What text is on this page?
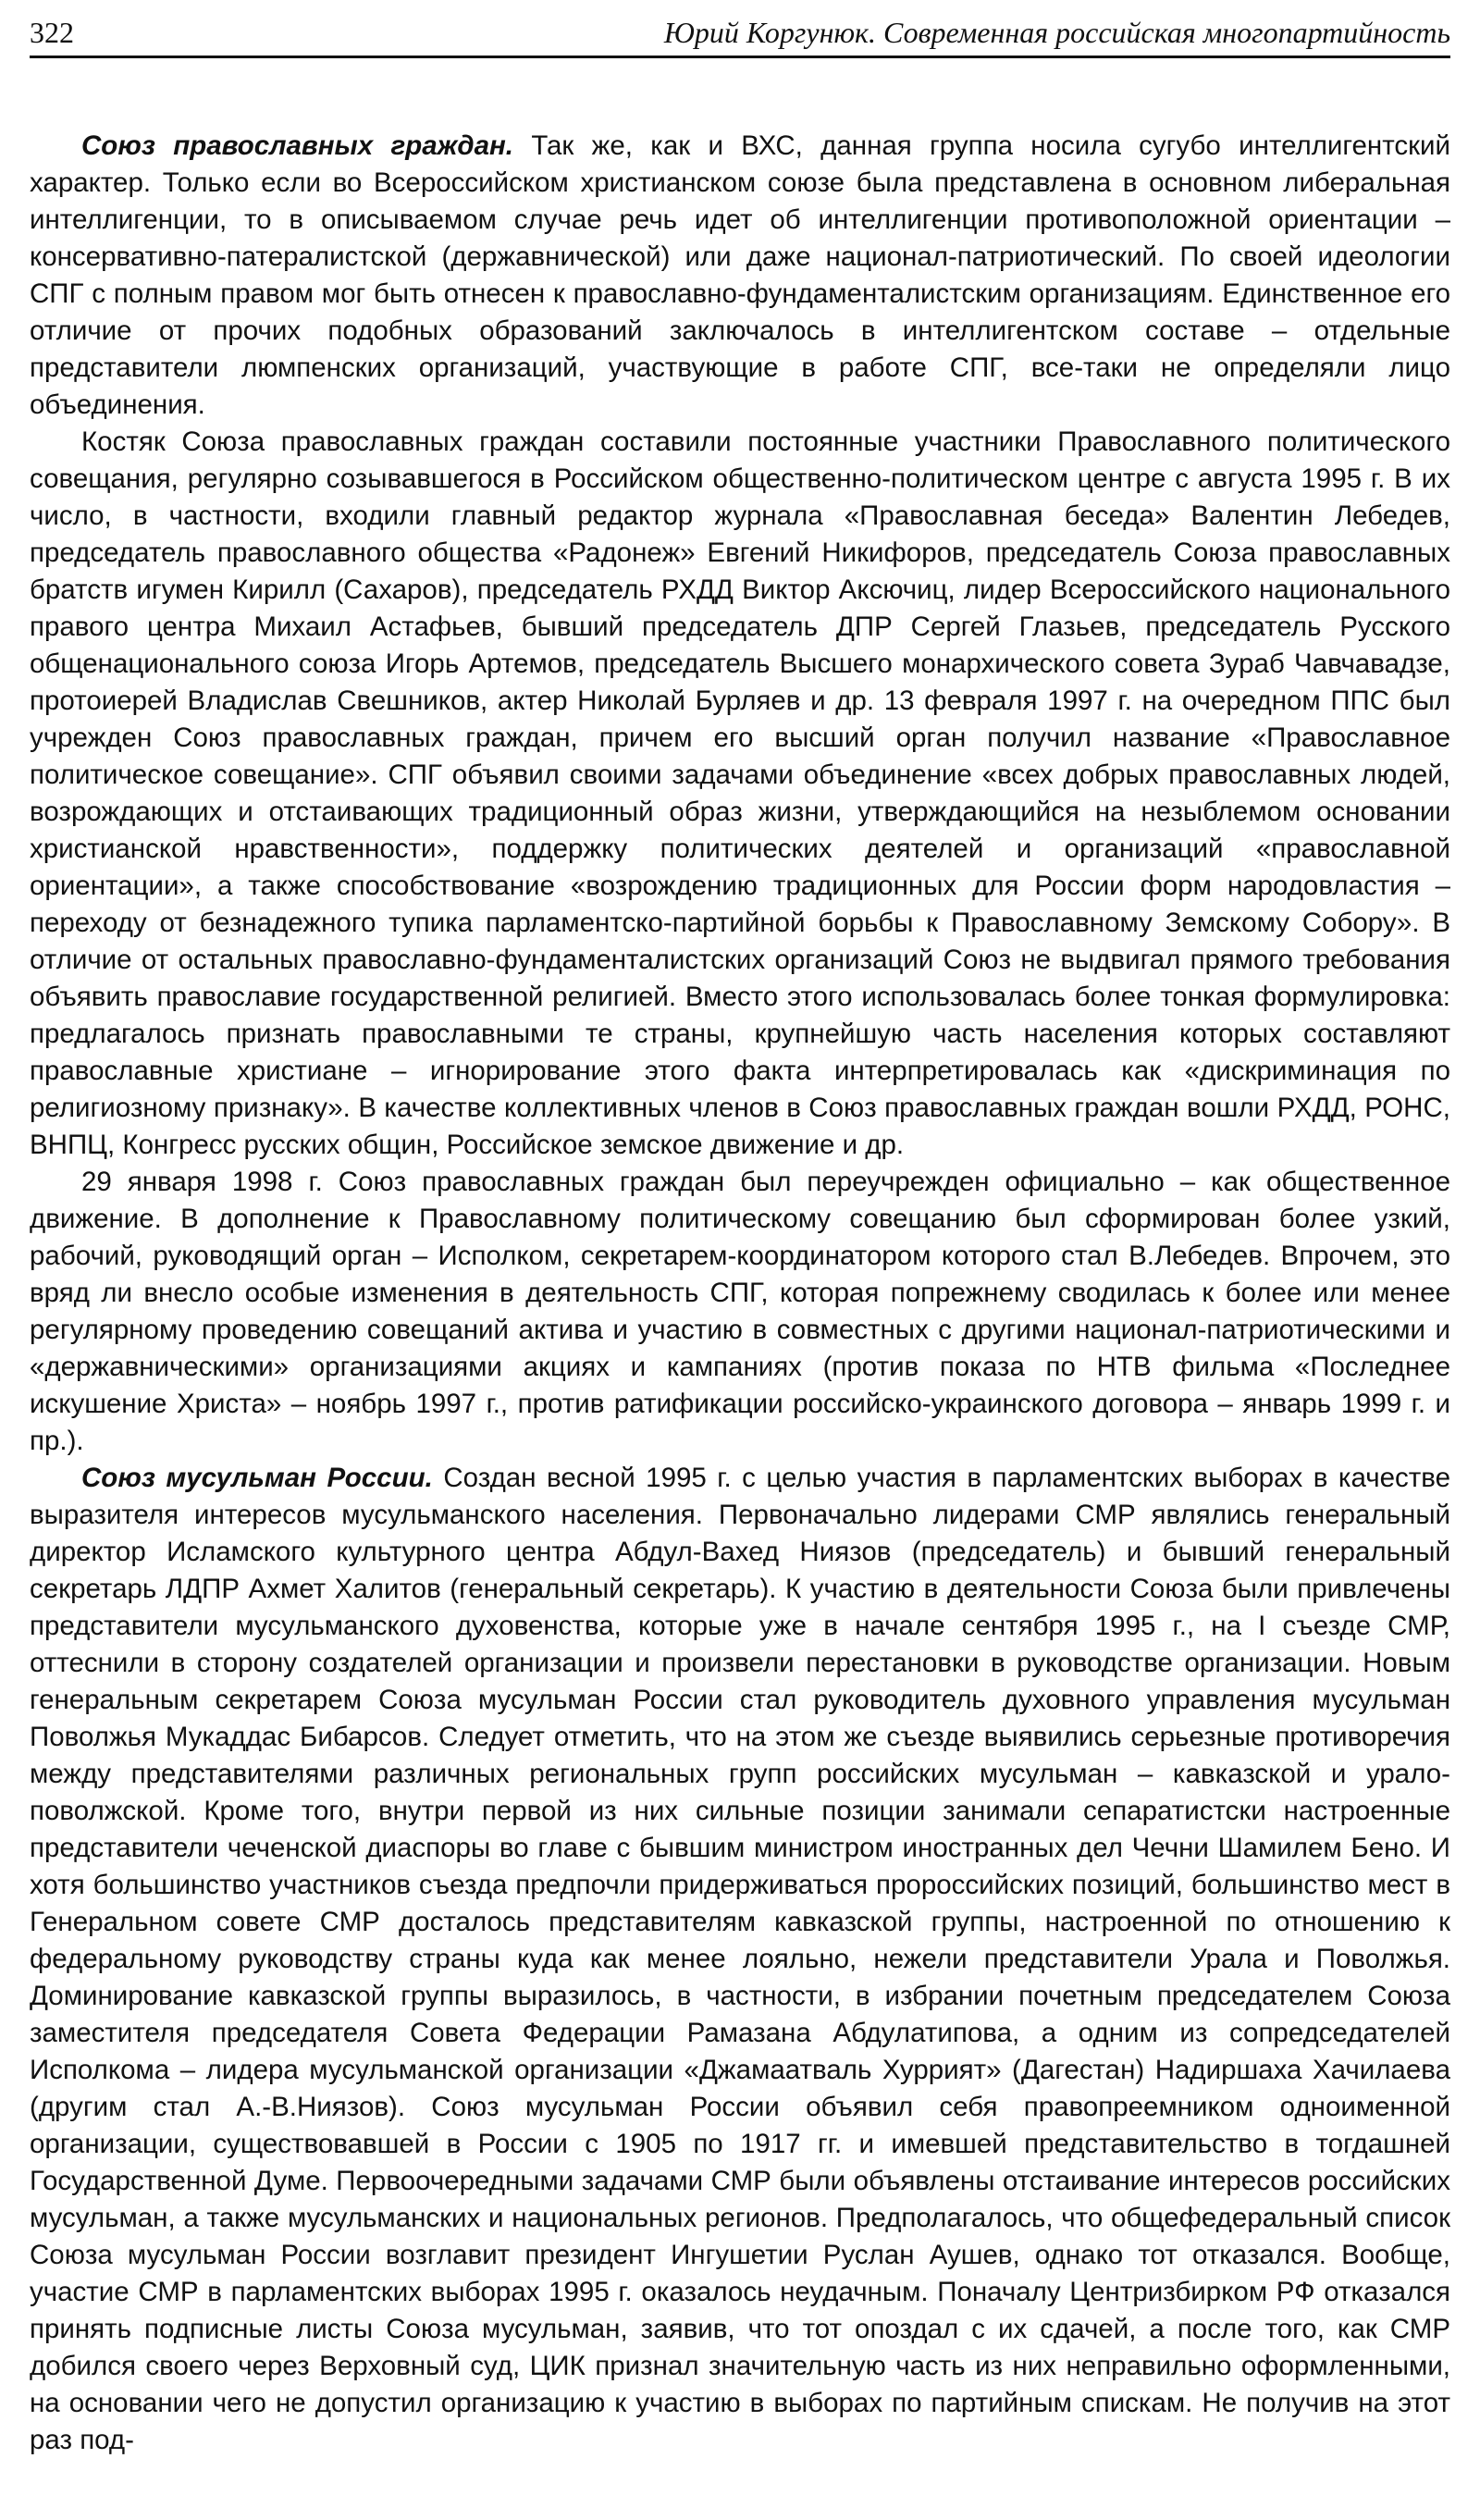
322	Юрий Коргунюк. Современная российская многопартийность

Союз православных граждан. Так же, как и ВХС, данная группа носила сугубо интеллигентский характер. Только если во Всероссийском христианском союзе была представлена в основном либеральная интеллигенции, то в описываемом случае речь идет об интеллигенции противоположной ориентации – консервативно-патералистской (державнической) или даже национал-патриотический. По своей идеологии СПГ с полным правом мог быть отнесен к православно-фундаменталистским организациям. Единственное его отличие от прочих подобных образований заключалось в интеллигентском составе – отдельные представители люмпенских организаций, участвующие в работе СПГ, все-таки не определяли лицо объединения.

Костяк Союза православных граждан составили постоянные участники Православного политического совещания, регулярно созывавшегося в Российском общественно-политическом центре с августа 1995 г. В их число, в частности, входили главный редактор журнала «Православная беседа» Валентин Лебедев, председатель православного общества «Радонеж» Евгений Никифоров, председатель Союза православных братств игумен Кирилл (Сахаров), председатель РХДД Виктор Аксючиц, лидер Всероссийского национального правого центра Михаил Астафьев, бывший председатель ДПР Сергей Глазьев, председатель Русского общенационального союза Игорь Артемов, председатель Высшего монархического совета Зураб Чавчавадзе, протоиерей Владислав Свешников, актер Николай Бурляев и др. 13 февраля 1997 г. на очередном ППС был учрежден Союз православных граждан, причем его высший орган получил название «Православное политическое совещание». СПГ объявил своими задачами объединение «всех добрых православных людей, возрождающих и отстаивающих традиционный образ жизни, утверждающийся на незыблемом основании христианской нравственности», поддержку политических деятелей и организаций «православной ориентации», а также способствование «возрождению традиционных для России форм народовластия – переходу от безнадежного тупика парламентско-партийной борьбы к Православному Земскому Собору». В отличие от остальных православно-фундаменталистских организаций Союз не выдвигал прямого требования объявить православие государственной религией. Вместо этого использовалась более тонкая формулировка: предлагалось признать православными те страны, крупнейшую часть населения которых составляют православные христиане – игнорирование этого факта интерпретировалась как «дискриминация по религиозному признаку». В качестве коллективных членов в Союз православных граждан вошли РХДД, РОНС, ВНПЦ, Конгресс русских общин, Российское земское движение и др.

29 января 1998 г. Союз православных граждан был переучрежден официально – как общественное движение. В дополнение к Православному политическому совещанию был сформирован более узкий, рабочий, руководящий орган – Исполком, секретарем-координатором которого стал В.Лебедев. Впрочем, это вряд ли внесло особые изменения в деятельность СПГ, которая попрежнему сводилась к более или менее регулярному проведению совещаний актива и участию в совместных с другими национал-патриотическими и «державническими» организациями акциях и кампаниях (против показа по НТВ фильма «Последнее искушение Христа» – ноябрь 1997 г., против ратификации российско-украинского договора – январь 1999 г. и пр.).

Союз мусульман России. Создан весной 1995 г. с целью участия в парламентских выборах в качестве выразителя интересов мусульманского населения. Первоначально лидерами СМР являлись генеральный директор Исламского культурного центра Абдул-Вахед Ниязов (председатель) и бывший генеральный секретарь ЛДПР Ахмет Халитов (генеральный секретарь). К участию в деятельности Союза были привлечены представители мусульманского духовенства, которые уже в начале сентября 1995 г., на I съезде СМР, оттеснили в сторону создателей организации и произвели перестановки в руководстве организации. Новым генеральным секретарем Союза мусульман России стал руководитель духовного управления мусульман Поволжья Мукаддас Бибарсов. Следует отметить, что на этом же съезде выявились серьезные противоречия между представителями различных региональных групп российских мусульман – кавказской и урало-поволжской. Кроме того, внутри первой из них сильные позиции занимали сепаратистски настроенные представители чеченской диаспоры во главе с бывшим министром иностранных дел Чечни Шамилем Бено. И хотя большинство участников съезда предпочли придерживаться пророссийских позиций, большинство мест в Генеральном совете СМР досталось представителям кавказской группы, настроенной по отношению к федеральному руководству страны куда как менее лояльно, нежели представители Урала и Поволжья. Доминирование кавказской группы выразилось, в частности, в избрании почетным председателем Союза заместителя председателя Совета Федерации Рамазана Абдулатипова, а одним из сопредседателей Исполкома – лидера мусульманской организации «Джамаатваль Хуррият» (Дагестан) Надиршаха Хачилаева (другим стал А.-В.Ниязов). Союз мусульман России объявил себя правопреемником одноименной организации, существовавшей в России с 1905 по 1917 гг. и имевшей представительство в тогдашней Государственной Думе. Первоочередными задачами СМР были объявлены отстаивание интересов российских мусульман, а также мусульманских и национальных регионов. Предполагалось, что общефедеральный список Союза мусульман России возглавит президент Ингушетии Руслан Аушев, однако тот отказался. Вообще, участие СМР в парламентских выборах 1995 г. оказалось неудачным. Поначалу Центризбирком РФ отказался принять подписные листы Союза мусульман, заявив, что тот опоздал с их сдачей, а после того, как СМР добился своего через Верховный суд, ЦИК признал значительную часть из них неправильно оформленными, на основании чего не допустил организацию к участию в выборах по партийным спискам. Не получив на этот раз под-
